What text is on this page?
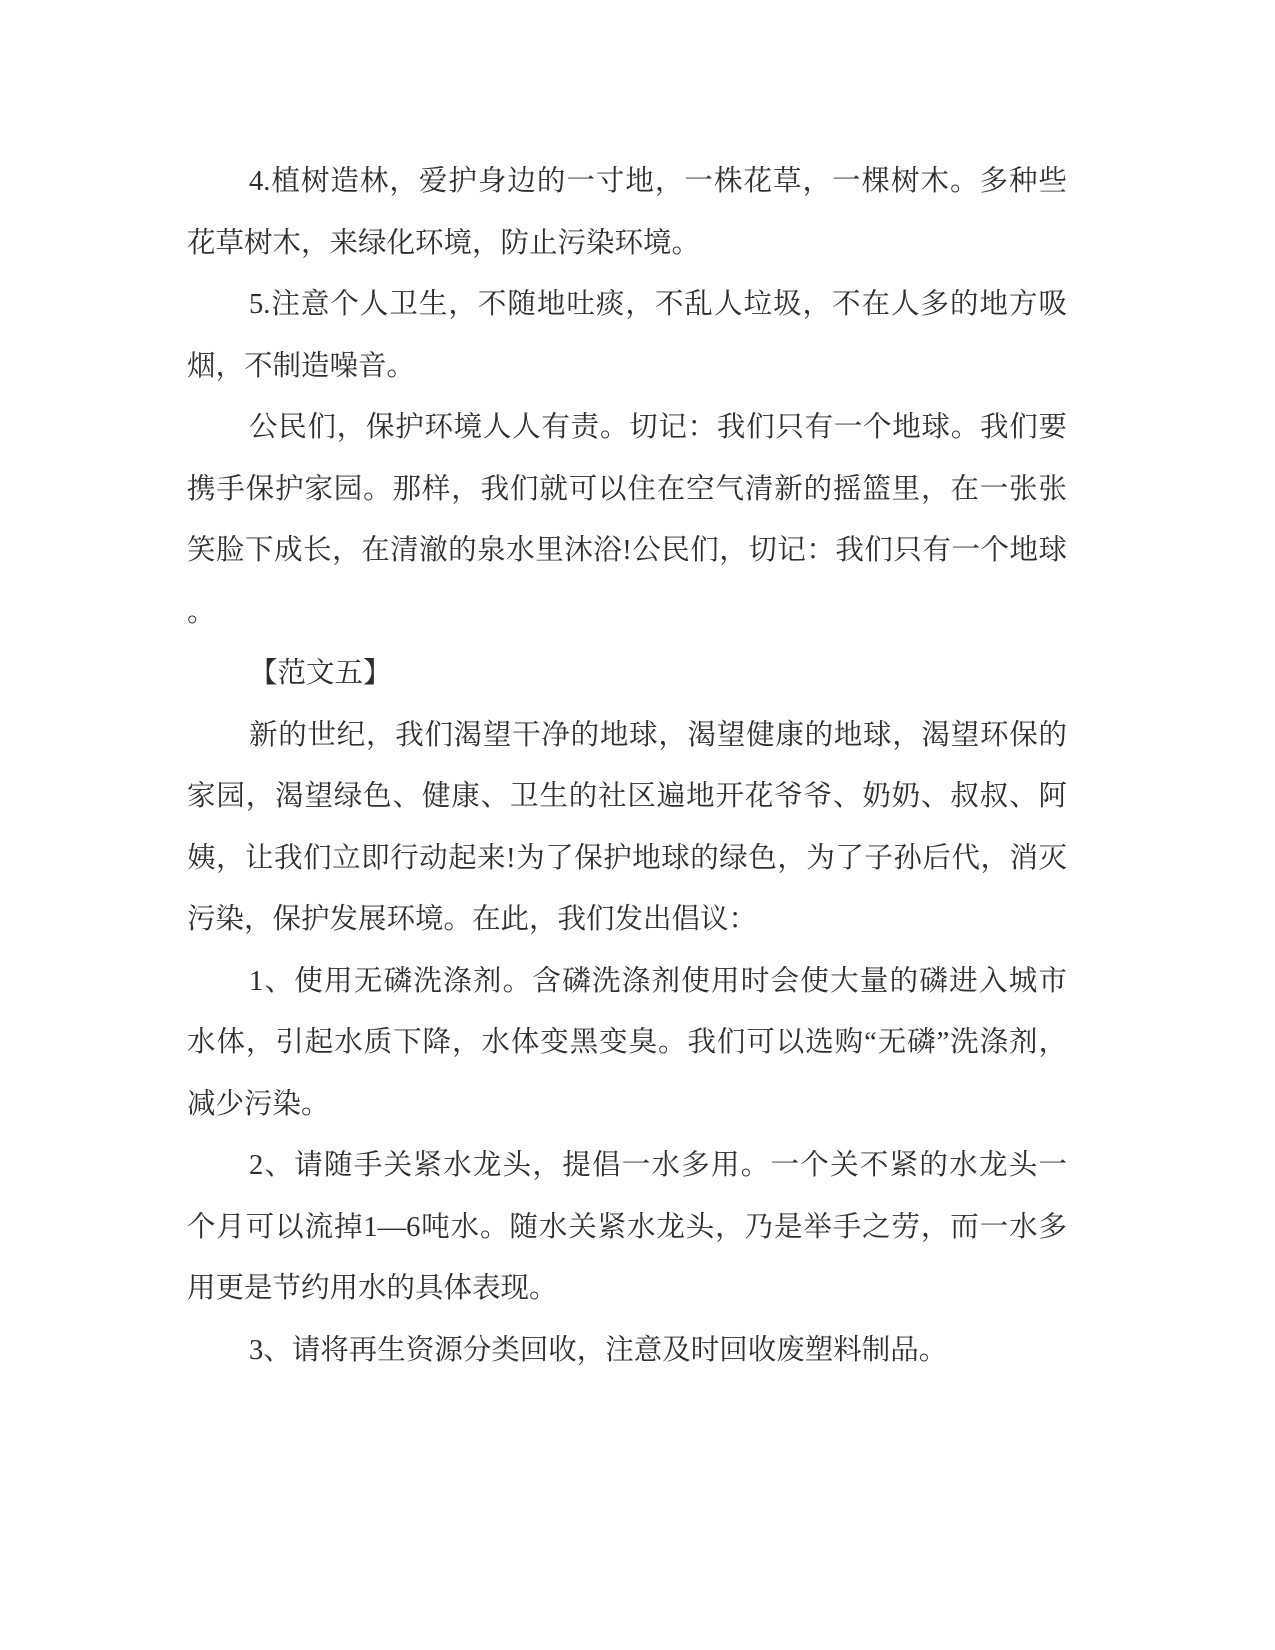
4.植树造林，爱护身边的一寸地，一株花草，一棵树木。多种些
花草树木，来绿化环境，防止污染环境。
5.注意个人卫生，不随地吐痰，不乱人垃圾，不在人多的地方吸
烟，不制造噪音。
公民们，保护环境人人有责。切记：我们只有一个地球。我们要
携手保护家园。那样，我们就可以住在空气清新的摇篮里，在一张张
笑脸下成长，在清澈的泉水里沐浴!公民们，切记：我们只有一个地球
。
【范文五】
新的世纪，我们渴望干净的地球，渴望健康的地球，渴望环保的
家园，渴望绿色、健康、卫生的社区遍地开花爷爷、奶奶、叔叔、阿
姨，让我们立即行动起来!为了保护地球的绿色，为了子孙后代，消灭
污染，保护发展环境。在此，我们发出倡议：
1、使用无磷洗涤剂。含磷洗涤剂使用时会使大量的磷进入城市
水体，引起水质下降，水体变黑变臭。我们可以选购“无磷”洗涤剂，
减少污染。
2、请随手关紧水龙头，提倡一水多用。一个关不紧的水龙头一
个月可以流掉1—6吨水。随水关紧水龙头，乃是举手之劳，而一水多
用更是节约用水的具体表现。
3、请将再生资源分类回收，注意及时回收废塑料制品。
